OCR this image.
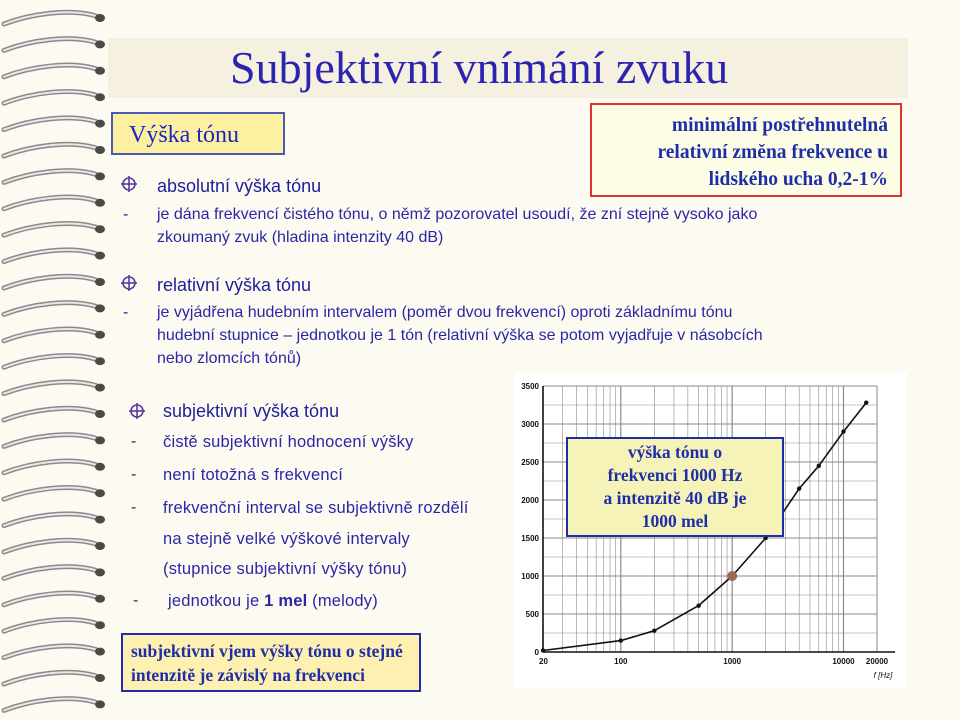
Subjektivní vnímání zvuku
Výška tónu	minimální postřehnutelná
relativní změna frekvence u
lidského ucha 0,2-1%
absolutní výška tónu
- je dána frekvencí čistého tónu, o němž pozorovatel usoudí, že zní stejně vysoko jako
zkoumaný zvuk (hladina intenzity 40 dB)
relativní výška tónu
- je vyjádřena hudebním intervalem (poměr dvou frekvencí) oproti základnímu tónu
hudební stupnice – jednotkou je 1 tón (relativní výška se potom vyjadřuje v násobcích
nebo zlomcích tónů)
subjektivní výška tónu
- čistě subjektivní hodnocení výšky
- není totožná s frekvencí
- frekvenční interval se subjektivně rozdělí
na stejně velké výškové intervaly
(stupnice subjektivní výšky tónu)
- jednotkou je 1 mel (melody)
subjektivní vjem výšky tónu o stejné
intenzitě je závislý na frekvenci
0
500
1000
1500
2000
2500
3000
3500
20	100	1000	10000 20000
f [Hz]
výška tónu o
frekvenci 1000 Hz
a intenzitě 40 dB je
1000 mel
